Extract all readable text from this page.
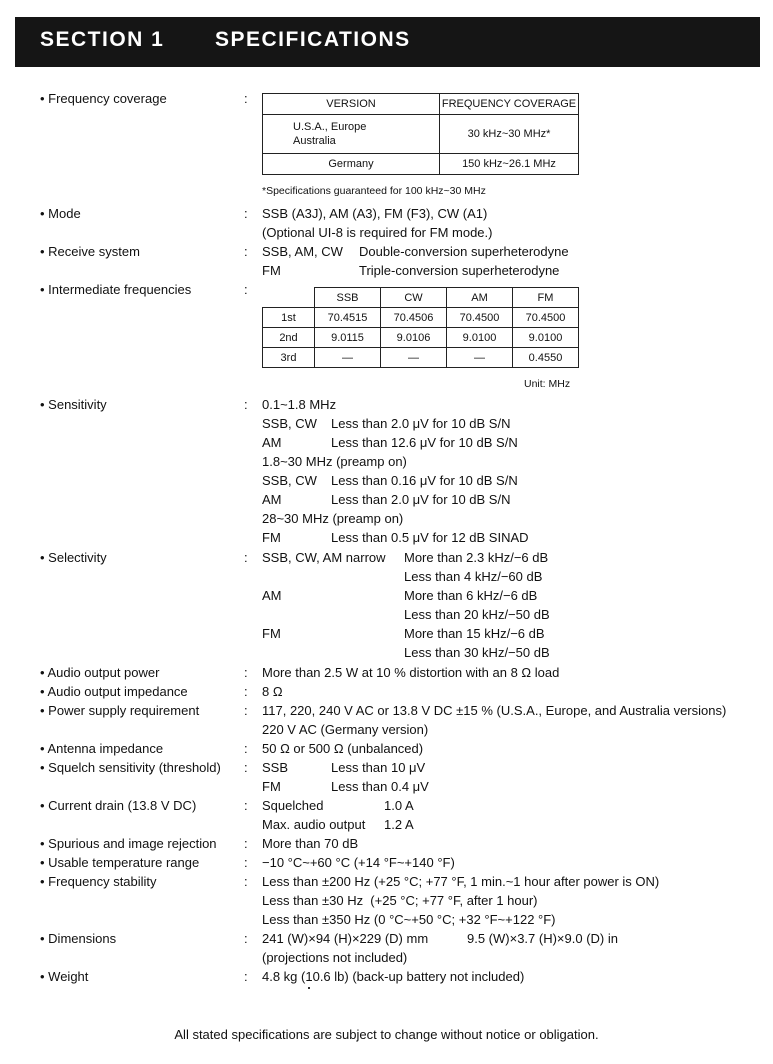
SECTION 1 SPECIFICATIONS
• Frequency coverage	:	VERSION	FREQUENCY COVERAGE
U.S.A., Europe
Australia	30 kHz~30 MHz*
Germany	150 kHz~26.1 MHz
*Specifications guaranteed for 100 kHz~30 MHz
• Mode	: SSB (A3J), AM (A3), FM (F3), CW (A1)
(Optional UI-8 is required for FM mode.)
• Receive system	: SSB, AM, CW Double-conversion superheterodyne
FM	Triple-conversion superheterodyne
• Intermediate frequencies	:
	SSB	CW	AM	FM
1st	70.4515	70.4506	70.4500	70.4500
2nd	9.0115	9.0106	9.0100	9.0100
3rd	—	—	—	0.4550
Unit: MHz
• Sensitivity	: 0.1~1.8 MHz
SSB, CW Less than 2.0 μV for 10 dB S/N
AM	Less than 12.6 μV for 10 dB S/N
1.8~30 MHz (preamp on)
SSB, CW Less than 0.16 μV for 10 dB S/N
AM	Less than 2.0 μV for 10 dB S/N
28~30 MHz (preamp on)
FM	Less than 0.5 μV for 12 dB SINAD
• Selectivity	: SSB, CW, AM narrow More than 2.3 kHz/−6 dB
Less than 4 kHz/−60 dB
AM	More than 6 kHz/−6 dB
Less than 20 kHz/−50 dB
FM	More than 15 kHz/−6 dB
Less than 30 kHz/−50 dB
• Audio output power	: More than 2.5 W at 10 % distortion with an 8 Ω load
• Audio output impedance	: 8 Ω
• Power supply requirement	: 117, 220, 240 V AC or 13.8 V DC ±15 % (U.S.A., Europe, and Australia versions)
220 V AC (Germany version)
• Antenna impedance	: 50 Ω or 500 Ω (unbalanced)
• Squelch sensitivity (threshold) : SSB	Less than 10 μV
FM	Less than 0.4 μV
• Current drain (13.8 V DC)	: Squelched	1.0 A
Max. audio output 1.2 A
• Spurious and image rejection : More than 70 dB
• Usable temperature range	: −10 °C~+60 °C (+14 °F~+140 °F)
• Frequency stability	: Less than ±200 Hz (+25 °C; +77 °F, 1 min.~1 hour after power is ON)
Less than ±30 Hz  (+25 °C; +77 °F, after 1 hour)
Less than ±350 Hz (0 °C~+50 °C; +32 °F~+122 °F)
• Dimensions	: 241 (W)×94 (H)×229 (D) mm	9.5 (W)×3.7 (H)×9.0 (D) in
(projections not included)
• Weight	: 4.8 kg (10.6 lb) (back-up battery not included)
All stated specifications are subject to change without notice or obligation.
